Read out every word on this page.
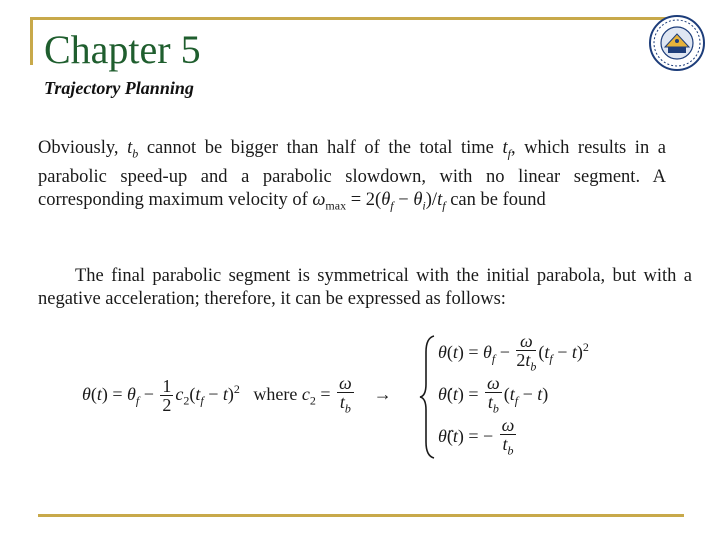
Chapter 5
Trajectory Planning
Obviously, $t_b$ cannot be bigger than half of the total time $t_f$, which results in a parabolic speed-up and a parabolic slowdown, with no linear segment. A corresponding maximum velocity of $\omega_{max} = 2(\theta_f - \theta_i)/t_f$ can be found
The final parabolic segment is symmetrical with the initial parabola, but with a negative acceleration; therefore, it can be expressed as follows:
$\theta(t) = \theta_f - \frac{1}{2} c_2(t_f - t)^2$ where $c_2 = \frac{\omega}{t_b}$ →
$\theta(t) = \theta_f - \frac{\omega}{2t_b} (t_f - t)^2$
θ̇(t) = $\frac{\omega}{t_b} (t_f - t)$
θ̈(t) = − $\frac{\omega}{t_b}$
